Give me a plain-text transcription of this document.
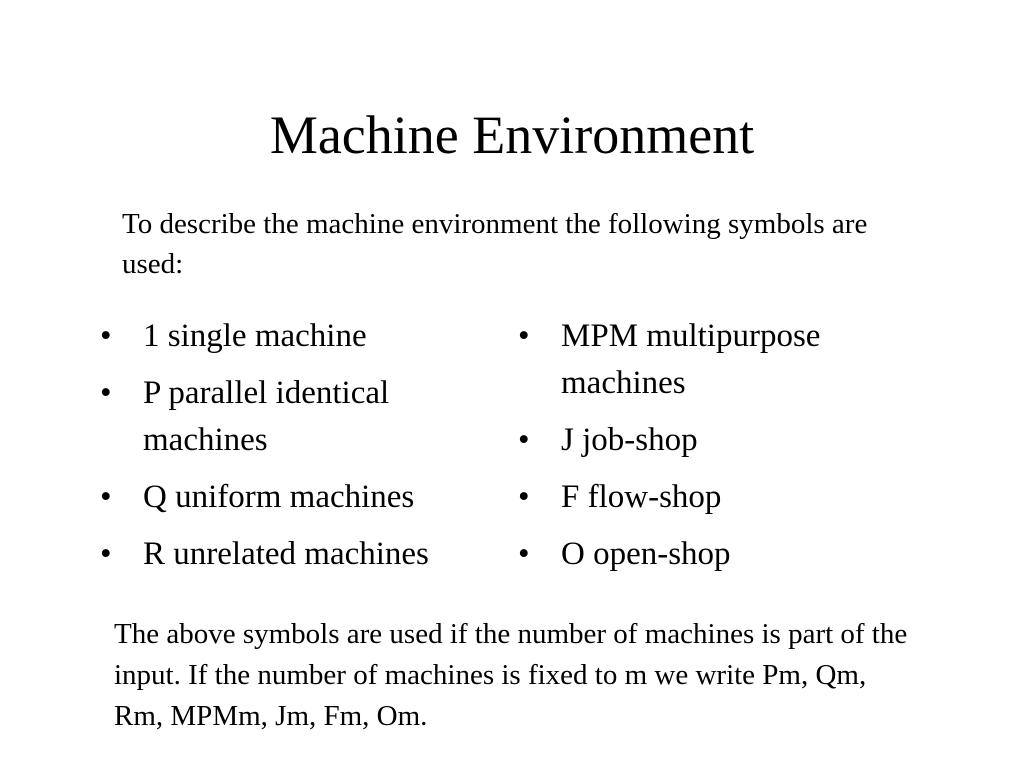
Machine Environment
To describe the machine environment the following symbols are used:
• 1 single machine
• P parallel identical machines
• Q uniform machines
• R unrelated machines
• MPM multipurpose machines
• J job-shop
• F flow-shop
• O open-shop
The above symbols are used if the number of machines is part of the input. If the number of machines is fixed to m we write Pm, Qm, Rm, MPMm, Jm, Fm, Om.
